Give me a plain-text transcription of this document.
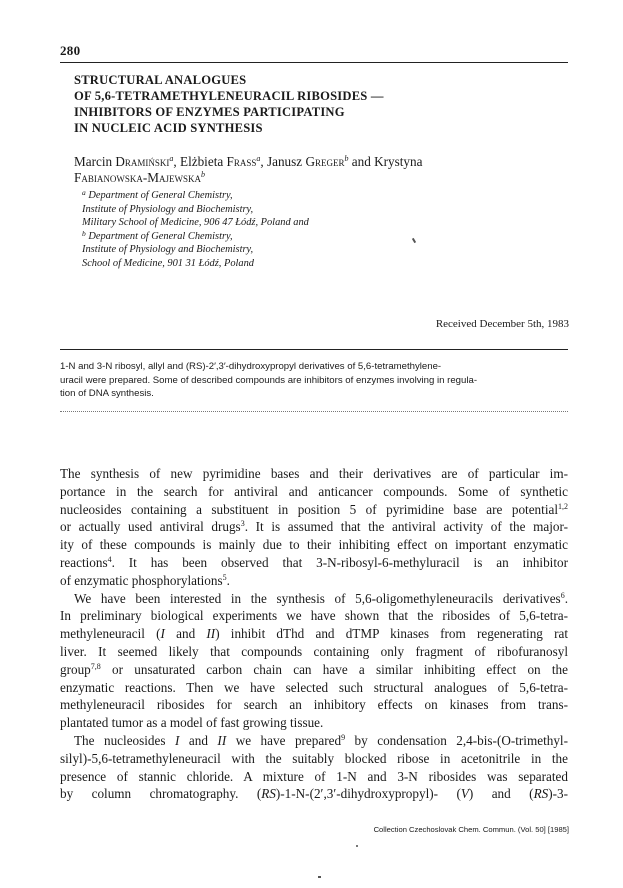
280
STRUCTURAL ANALOGUES
OF 5,6-TETRAMETHYLENEURACIL RIBOSIDES —
INHIBITORS OF ENZYMES PARTICIPATING
IN NUCLEIC ACID SYNTHESIS
Marcin Dramiński$^a$, Elżbieta Frass$^a$, Janusz Greger$^b$ and Krystyna
Fabianowska-Majewska$^b$
$^a$ Department of General Chemistry,
Institute of Physiology and Biochemistry,
Military School of Medicine, 906 47 Łódź, Poland and
$^b$ Department of General Chemistry,
Institute of Physiology and Biochemistry,
School of Medicine, 901 31 Łódź, Poland
Received December 5th, 1983
1-N and 3-N ribosyl, allyl and (RS)-2′,3′-dihydroxypropyl derivatives of 5,6-tetramethylene-
uracil were prepared. Some of described compounds are inhibitors of enzymes involving in regula-
tion of DNA synthesis.
The synthesis of new pyrimidine bases and their derivatives are of particular im-
portance in the search for antiviral and anticancer compounds. Some of synthetic
nucleosides containing a substituent in position 5 of pyrimidine base are potential$^{1,2}$
or actually used antiviral drugs$^3$. It is assumed that the antiviral activity of the major-
ity of these compounds is mainly due to their inhibiting effect on important enzymatic
reactions$^4$. It has been observed that 3-N-ribosyl-6-methyluracil is an inhibitor
of enzymatic phosphorylations$^5$.
We have been interested in the synthesis of 5,6-oligomethyleneuracils derivatives$^6$.
In preliminary biological experiments we have shown that the ribosides of 5,6-tetra-
methyleneuracil (I and II) inhibit dThd and dTMP kinases from regenerating rat
liver. It seemed likely that compounds containing only fragment of ribofuranosyl
group$^{7,8}$ or unsaturated carbon chain can have a similar inhibiting effect on the
enzymatic reactions. Then we have selected such structural analogues of 5,6-tetra-
methyleneuracil ribosides for search an inhibitory effects on kinases from trans-
plantated tumor as a model of fast growing tissue.
The nucleosides I and II we have prepared$^9$ by condensation 2,4-bis-(O-trimethyl-
silyl)-5,6-tetramethyleneuracil with the suitably blocked ribose in acetonitrile in the
presence of stannic chloride. A mixture of 1-N and 3-N ribosides was separated
by column chromatography. (RS)-1-N-(2′,3′-dihydroxypropyl)- (V) and (RS)-3-
Collection Czechoslovak Chem. Commun. (Vol. 50] [1985]
